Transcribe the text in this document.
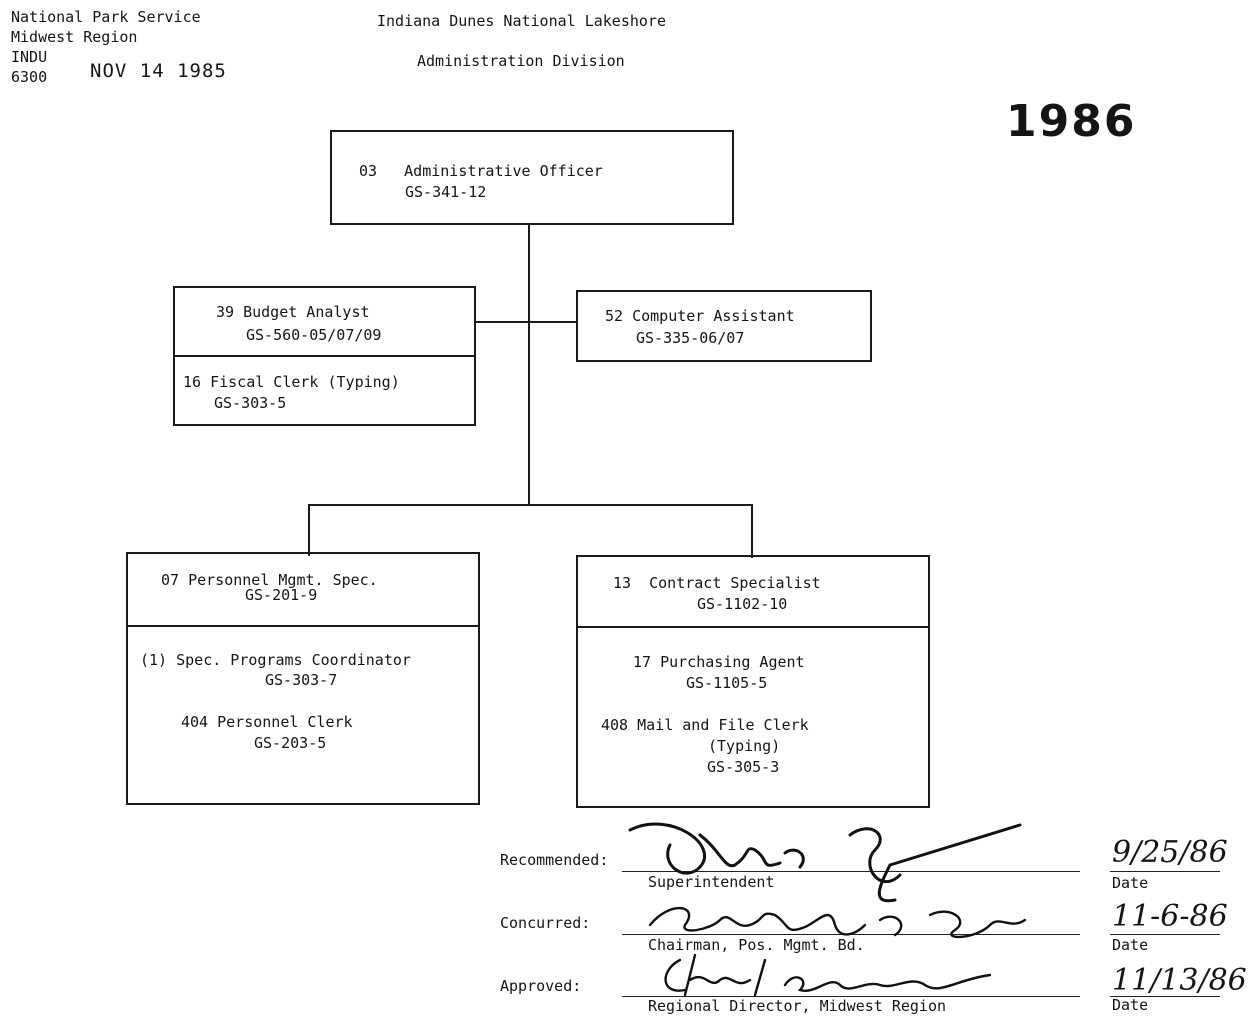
National Park Service
Midwest Region
INDU
6300 NOV 14 1985
Indiana Dunes National Lakeshore
Administration Division
1986
03   Administrative Officer
GS-341-12
39 Budget Analyst
GS-560-05/07/09
16 Fiscal Clerk (Typing)
GS-303-5
52 Computer Assistant
GS-335-06/07
07 Personnel Mgmt. Spec.
GS-201-9
(1) Spec. Programs Coordinator
GS-303-7
404 Personnel Clerk
GS-203-5
13  Contract Specialist
GS-1102-10
17 Purchasing Agent
GS-1105-5
408 Mail and File Clerk
(Typing)
GS-305-3
Recommended:
Superintendent	Date
9/25/86
Concurred:
Chairman, Pos. Mgmt. Bd.	Date
11-6-86
Approved:
Regional Director, Midwest Region	Date
11/13/86
